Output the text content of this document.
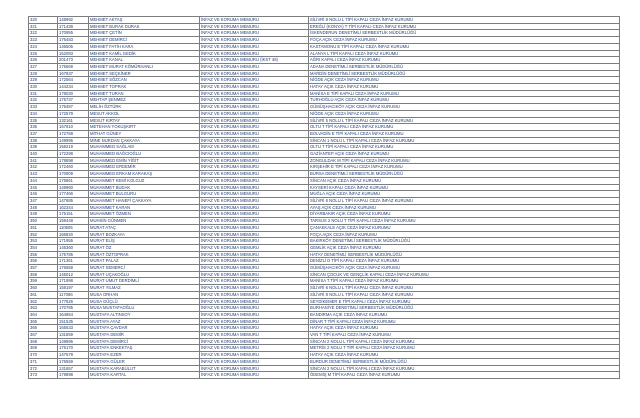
320	148992	MEHMET AKTAŞ	İNFAZ VE KORUMA MEMURU	SİLİVRİ 8 NOLU L TİPİ KAPALI CEZA İNFAZ KURUMU
321	171438	MEHMET BURAK DURAK	İNFAZ VE KORUMA MEMURU	EREĞLİ (KONYA) T TİPİ KAPALI CEZA İNFAZ KURUMU
322	170955	MEHMET ÇETİN	İNFAZ VE KORUMA MEMURU	İSKENDERUN DENETİMLİ SERBESTLİK MÜDÜRLÜĞÜ
323	176483	MEHMET DEMİRCİ	İNFAZ VE KORUMA MEMURU	FOÇA AÇIK CEZA İNFAZ KURUMU
324	146505	MEHMET FATİH KARA	İNFAZ VE KORUMA MEMURU	KASTAMONU E TİPİ KAPALI CEZA İNFAZ KURUMU
325	152083	MEHMET KAMİL GEDİK	İNFAZ VE KORUMA MEMURU	ALANYA L TİPİ KAPALI CEZA İNFAZ KURUMU
326	201473	MEHMET KANAL	İNFAZ VE KORUMA MEMURU (İKST 48)	AĞRI KAPALI CEZA İNFAZ KURUMU
327	175669	MEHMET MURAT KÖMÜRHANLI	İNFAZ VE KORUMA MEMURU	ADANA DENETİMLİ SERBESTLİK MÜDÜRLÜĞÜ
328	167837	MEHMET SEÇKİNER	İNFAZ VE KORUMA MEMURU	MARDİN DENETİMLİ SERBESTLİK MÜDÜRLÜĞÜ
329	172564	MEHMET SÖZCAN	İNFAZ VE KORUMA MEMURU	NİĞDE AÇIK CEZA İNFAZ KURUMU
330	144234	MEHMET TOPRAK	İNFAZ VE KORUMA MEMURU	HATAY AÇIK CEZA İNFAZ KURUMU
331	178030	MEHMET TURAN	İNFAZ VE KORUMA MEMURU	MANİSA E TİPİ KAPALI CEZA İNFAZ KURUMU
332	175737	MEHTAP ŞENMEZ	İNFAZ VE KORUMA MEMURU	TURHOĞLU AÇIK CEZA İNFAZ KURUMU
333	176487	MELİH ÖZTÜRK	İNFAZ VE KORUMA MEMURU	GÜMÜŞHACIKÖY AÇIK CEZA İNFAZ KURUMU
334	172579	MESUT AKKOL	İNFAZ VE KORUMA MEMURU	NİĞDE AÇIK CEZA İNFAZ KURUMU
335	132161	MESUT KIRTAY	İNFAZ VE KORUMA MEMURU	SİLİVRİ 5 NOLU L TİPİ KAPALI CEZA İNFAZ KURUMU
336	157910	METEHAN YOKUŞKIRT	İNFAZ VE KORUMA MEMURU	OLTU T TİPİ KAPALI CEZA İNFAZ KURUMU
337	172768	MİTHAT GÜNEY	İNFAZ VE KORUMA MEMURU	BOLVADİN E TİPİ KAPALI CEZA İNFAZ KURUMU
338	149995	MİNE NURDAN ÇAKKAYA	İNFAZ VE KORUMA MEMURU	SİNCAN 1 NOLU L TİPİ KAPALI CEZA İNFAZ KURUMU
339	158219	MUHAMMED SAĞLAM	İNFAZ VE KORUMA MEMURU	OLTU T TİPİ KAPALI CEZA İNFAZ KURUMU
340	172298	MUHAMMED BAĞCIOĞLU	İNFAZ VE KORUMA MEMURU	GAZİANTEP AÇIK CEZA İNFAZ KURUMU
341	178898	MUHAMMED EMİN YİĞİT	İNFAZ VE KORUMA MEMURU	ZONGULDAK M TİPİ KAPALI CEZA İNFAZ KURUMU
342	172460	MUHAMMED ERDEMİR	İNFAZ VE KORUMA MEMURU	KIRŞEHİR E TİPİ KAPALI CEZA İNFAZ KURUMU
343	170909	MUHAMMED ERKAM KARAKAŞ	İNFAZ VE KORUMA MEMURU	BURSA DENETİMLİ SERBESTLİK MÜDÜRLÜĞÜ
344	176861	MUHAMMET KEMİ KOLGUZ	İNFAZ VE KORUMA MEMURU	SİNCAN AÇIK CEZA İNFAZ KURUMU
345	148960	MUHAMMET BUDAK	İNFAZ VE KORUMA MEMURU	KAYSERİ KAPALI CEZA İNFAZ KURUMU
346	177466	MUHAMMET BULGURU	İNFAZ VE KORUMA MEMURU	MUĞLA AÇIK CEZA İNFAZ KURUMU
347	147685	MUHAMMET HANEFİ ÇAKKAYA	İNFAZ VE KORUMA MEMURU	SİLİVRİ 6 NOLU L TİPİ KAPALI CEZA İNFAZ KURUMU
348	162344	MUHAMMET KARAN	İNFAZ VE KORUMA MEMURU	AYAŞ AÇIK CEZA İNFAZ KURUMU
349	175151	MUHAMMET ÖZMEN	İNFAZ VE KORUMA MEMURU	DİYARBAKIR AÇIK CEZA İNFAZ KURUMU
350	159448	MUHSİN GÜNMEN	İNFAZ VE KORUMA MEMURU	TARSUS 2 NOLU T TİPİ KAPALI CEZA İNFAZ KURUMU
351	110605	MURAT ATAÇ	İNFAZ VE KORUMA MEMURU	ÇANAKKALE AÇIK CEZA İNFAZ KURUMU
352	156820	MURAT BOZKAYA	İNFAZ VE KORUMA MEMURU	FOÇA AÇIK CEZA İNFAZ KURUMU
353	171955	MURAT ELİŞ	İNFAZ VE KORUMA MEMURU	BAKIRKÖY DENETİMLİ SERBESTLİK MÜDÜRLÜĞÜ
354	145360	MURAT ÖZ	İNFAZ VE KORUMA MEMURU	GEMLİK AÇIK CEZA İNFAZ KURUMU
355	175785	MURAT ÖZTOPRAK	İNFAZ VE KORUMA MEMURU	HATAY DENETİMLİ SERBESTLİK MÜDÜRLÜĞÜ
356	171361	MURAT PALAZ	İNFAZ VE KORUMA MEMURU	DENİZLİ D TİPİ KAPALI CEZA İNFAZ KURUMU
357	176659	MURAT SEMERCİ	İNFAZ VE KORUMA MEMURU	GÜMÜŞHACIKÖY AÇIK CEZA İNFAZ KURUMU
358	145012	MURAT UÇAKOĞLU	İNFAZ VE KORUMA MEMURU	SİNCAN ÇOCUK VE GENÇLİK KAPALI CEZA İNFAZ KURUMU
359	171998	MURAT UMUT DERDİMLİ	İNFAZ VE KORUMA MEMURU	MANİSA T TİPİ KAPALI CEZA İNFAZ KURUMU
360	159197	MURAT YILMAZ	İNFAZ VE KORUMA MEMURU	SİLİVRİ 6 NOLU L TİPİ KAPALI CEZA İNFAZ KURUMU
361	117086	MUSA ORHAN	İNFAZ VE KORUMA MEMURU	SİLİVRİ 8 NOLU L TİPİ KAPALI CEZA İNFAZ KURUMU
362	177626	MUSA GÜÇLÜ	İNFAZ VE KORUMA MEMURU	SEYDİKEMER E TİPİ KAPALI CEZA İNFAZ KURUMU
363	170785	MUSA MUSTAFAOĞLU	İNFAZ VE KORUMA MEMURU	BURHANİYE DENETİMLİ SERBESTLİK MÜDÜRLÜĞÜ
364	164854	MUSTAFA ALTINSOY	İNFAZ VE KORUMA MEMURU	BANDIRMA AÇIK CEZA İNFAZ KURUMU
365	151535	MUSTAFA AYAZ	İNFAZ VE KORUMA MEMURU	DİNAR T TİPİ KAPALI CEZA İNFAZ KURUMU
366	155633	MUSTAFA ÇAVDAR	İNFAZ VE KORUMA MEMURU	HATAY AÇIK CEZA İNFAZ KURUMU
367	131859	MUSTAFA DEMİR	İNFAZ VE KORUMA MEMURU	VAN T TİPİ KAPALI CEZA İNFAZ KURUMU
368	149995	MUSTAFA DEMİRCİ	İNFAZ VE KORUMA MEMURU	SİNCAN 2 NOLU L TİPİ KAPALI CEZA İNFAZ KURUMU
369	175170	MUSTAFA ENKEKTAŞ	İNFAZ VE KORUMA MEMURU	METRİS 2 NOLU T TİPİ KAPALI CEZA İNFAZ KURUMU
370	147578	MUSTAFA EZER	İNFAZ VE KORUMA MEMURU	HATAY AÇIK CEZA İNFAZ KURUMU
371	176559	MUSTAFA GÜLER	İNFAZ VE KORUMA MEMURU	BURDUR DENETİMLİ SERBESTLİK MÜDÜRLÜĞÜ
372	131657	MUSTAFA KARABULUT	İNFAZ VE KORUMA MEMURU	SİNCAN 2 NOLU L TİPİ KAPALI CEZA İNFAZ KURUMU
373	179898	MUSTAFA KARTAL	İNFAZ VE KORUMA MEMURU	ÖDEMİŞ M TİPİ KAPALI CEZA İNFAZ KURUMU
